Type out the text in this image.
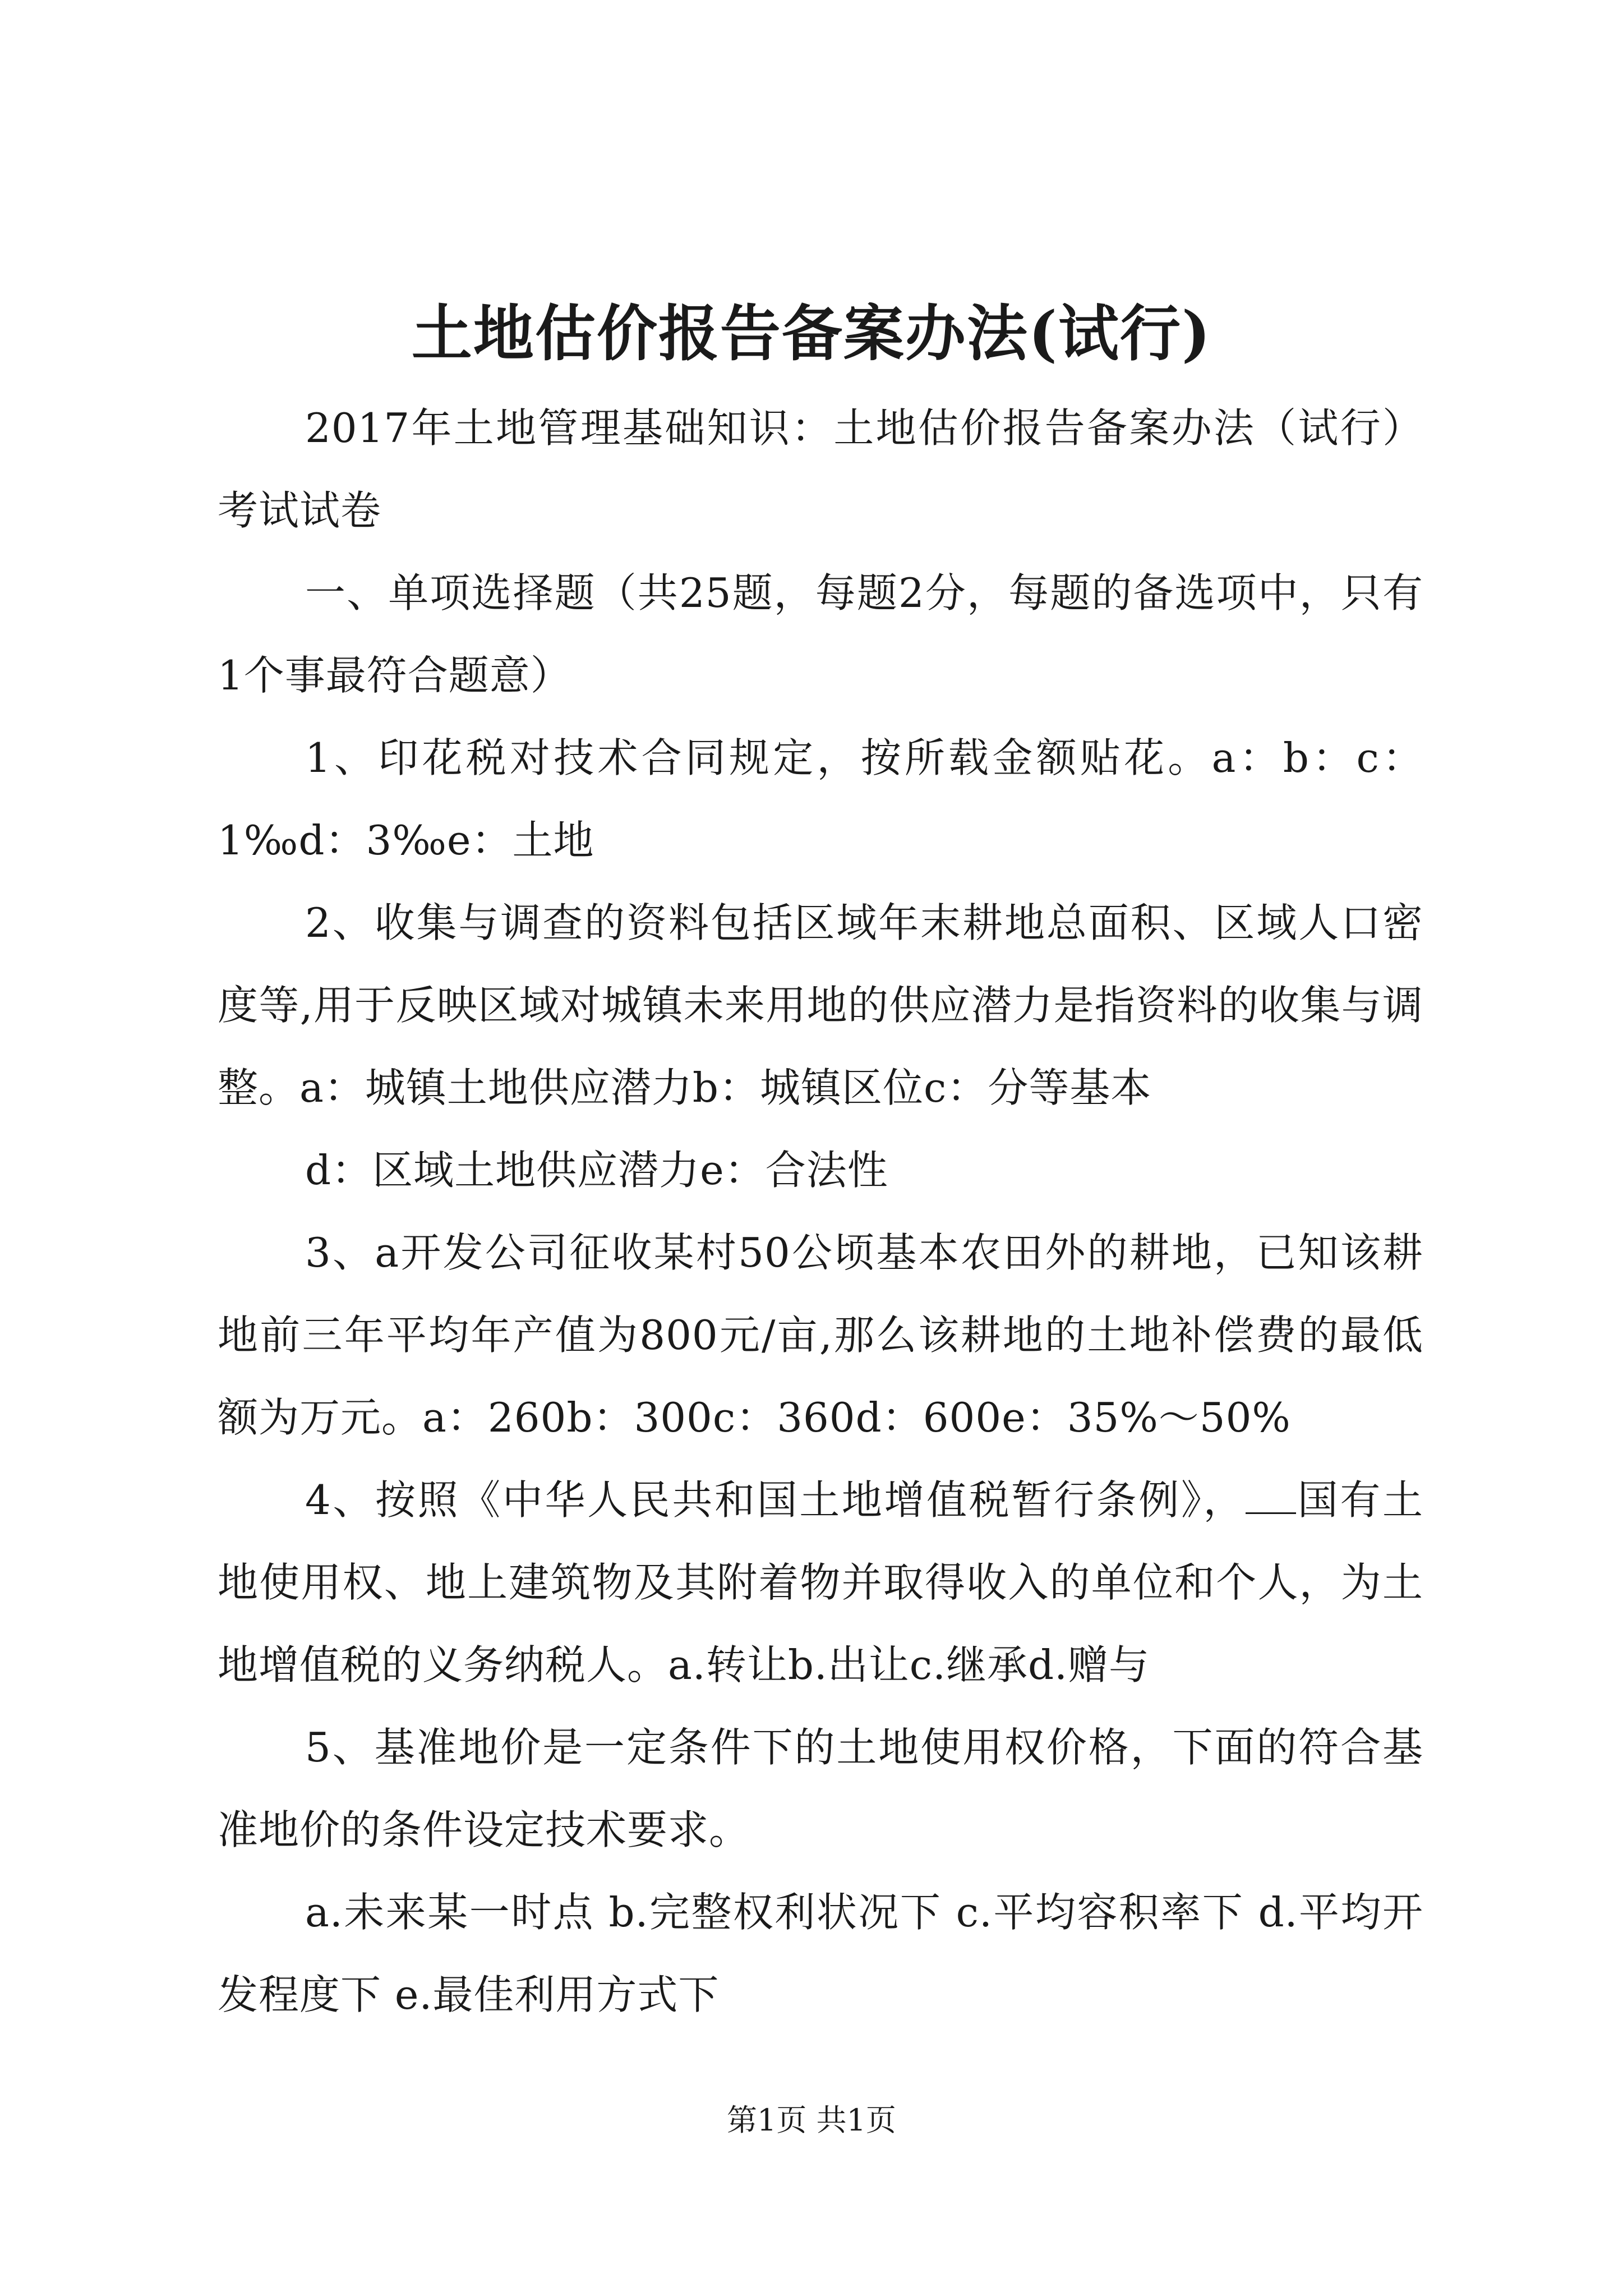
土地估价报告备案办法(试行)

2017年土地管理基础知识：土地估价报告备案办法（试行）考试试卷

一、单项选择题（共25题，每题2分，每题的备选项中，只有1个事最符合题意）

1、印花税对技术合同规定，按所载金额贴花。a：b：c：1‰d：3‰e：土地

2、收集与调查的资料包括区域年末耕地总面积、区域人口密度等,用于反映区域对城镇未来用地的供应潜力是指资料的收集与调整。a：城镇土地供应潜力b：城镇区位c：分等基本

d：区域土地供应潜力e：合法性

3、a开发公司征收某村50公顷基本农田外的耕地，已知该耕地前三年平均年产值为800元/亩,那么该耕地的土地补偿费的最低额为万元。a：260b：300c：360d：600e：35%～50%

4、按照《中华人民共和国土地增值税暂行条例》， 国有土地使用权、地上建筑物及其附着物并取得收入的单位和个人，为土地增值税的义务纳税人。a.转让b.出让c.继承d.赠与

5、基准地价是一定条件下的土地使用权价格，下面的符合基准地价的条件设定技术要求。

a.未来某一时点 b.完整权利状况下 c.平均容积率下 d.平均开发程度下 e.最佳利用方式下

第1页 共1页
